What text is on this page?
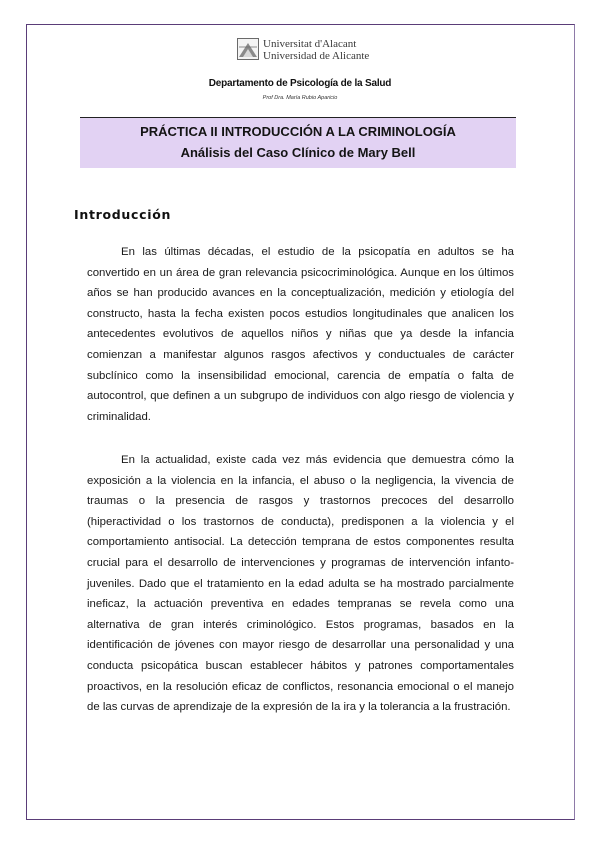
Universitat d'Alacant
Universidad de Alicante
Departamento de Psicología de la Salud
Prof Dra. María Rubio Aparicio
PRÁCTICA II INTRODUCCIÓN A LA CRIMINOLOGÍA
Análisis del Caso Clínico de Mary Bell
Introducción

En las últimas décadas, el estudio de la psicopatía en adultos se ha convertido en un área de gran relevancia psicocriminológica. Aunque en los últimos años se han producido avances en la conceptualización, medición y etiología del constructo, hasta la fecha existen pocos estudios longitudinales que analicen los antecedentes evolutivos de aquellos niños y niñas que ya desde la infancia comienzan a manifestar algunos rasgos afectivos y conductuales de carácter subclínico como la insensibilidad emocional, carencia de empatía o falta de autocontrol, que definen a un subgrupo de individuos con algo riesgo de violencia y criminalidad.

En la actualidad, existe cada vez más evidencia que demuestra cómo la exposición a la violencia en la infancia, el abuso o la negligencia, la vivencia de traumas o la presencia de rasgos y trastornos precoces del desarrollo (hiperactividad o los trastornos de conducta), predisponen a la violencia y el comportamiento antisocial. La detección temprana de estos componentes resulta crucial para el desarrollo de intervenciones y programas de intervención infanto-juveniles. Dado que el tratamiento en la edad adulta se ha mostrado parcialmente ineficaz, la actuación preventiva en edades tempranas se revela como una alternativa de gran interés criminológico. Estos programas, basados en la identificación de jóvenes con mayor riesgo de desarrollar una personalidad y una conducta psicopática buscan establecer hábitos y patrones comportamentales proactivos, en la resolución eficaz de conflictos, resonancia emocional o el manejo de las curvas de aprendizaje de la expresión de la ira y la tolerancia a la frustración.
